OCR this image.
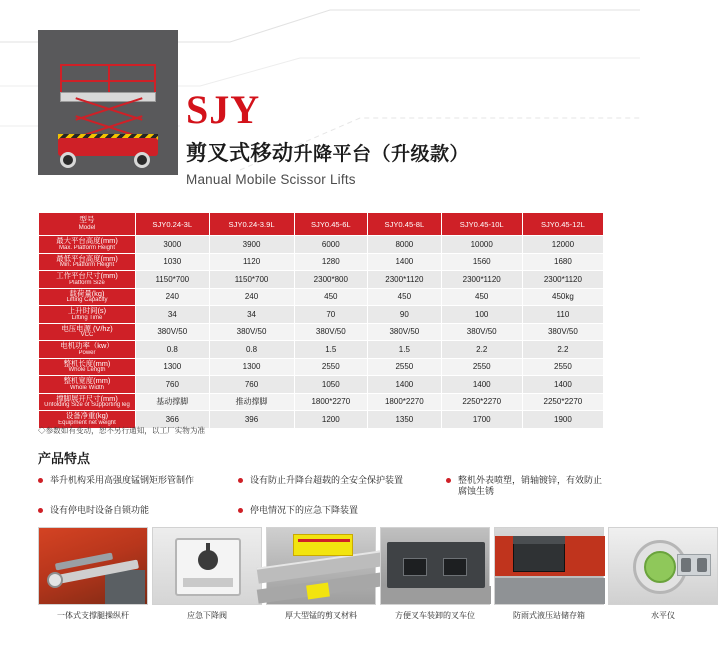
SJY
剪叉式移动升降平台（升级款）
Manual Mobile Scissor Lifts
型号
Model	SJY0.24-3L	SJY0.24-3.9L	SJY0.45-6L	SJY0.45-8L	SJY0.45-10L	SJY0.45-12L

最大平台高度(mm)
Max. Platform Height	3000	3900	6000	8000	10000	12000

最低平台高度(mm)
Min. Platform Height	1030	1120	1280	1400	1560	1680

工作平台尺寸(mm)
Platform Size	1150*700	1150*700	2300*800	2300*1120	2300*1120	2300*1120

载荷量(kg)
Lifting Capacity	240	240	450	450	450	450kg

上升时间(s)
Lifting Time	34	34	70	90	100	110

电压电源 (V/hz)
VCC	380V/50	380V/50	380V/50	380V/50	380V/50	380V/50

电机功率（kw）
Power	0.8	0.8	1.5	1.5	2.2	2.2

整机长度(mm)
Whole Length	1300	1300	2550	2550	2550	2550

整机宽度(mm)
Whole Width	760	760	1050	1400	1400	1400

撑脚展开尺寸(mm)
Unfolding Size of Supporting leg	基动撑脚	推动撑脚	1800*2270	1800*2270	2250*2270	2250*2270

设备净重(kg)
Equipment net weight	366	396	1200	1350	1700	1900
◇参数如有变动，恕不另行通知，以工厂实物为准
产品特点
举升机构采用高强度锰钢矩形管制作	设有防止升降台超载的全安全保护装置	整机外表喷塑，销轴镀锌，有效防止腐蚀生锈
设有停电时设备自锁功能	停电情况下的应急下降装置
一体式支撑腿操纵杆	应急下降阀	厚大型锰的剪叉材料	方便叉车装卸的叉车位	防雨式液压站储存箱	水平仪
